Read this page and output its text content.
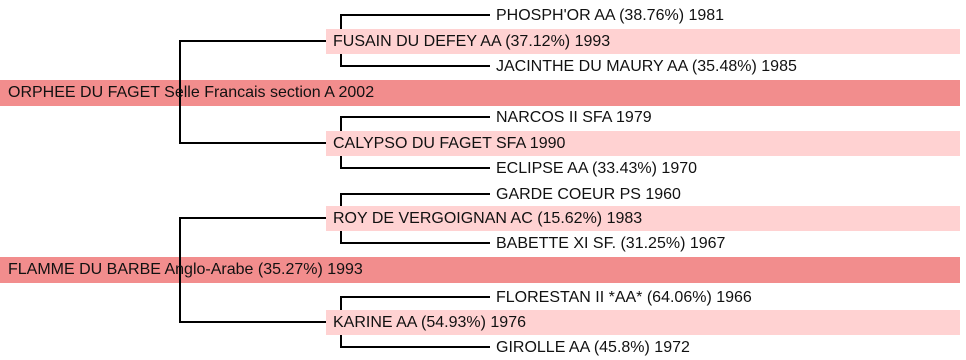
ORPHEE DU FAGET Selle Francais section A 2002
FLAMME DU BARBE Anglo-Arabe (35.27%) 1993
FUSAIN DU DEFEY AA (37.12%) 1993
CALYPSO DU FAGET SFA 1990
ROY DE VERGOIGNAN AC (15.62%) 1983
KARINE AA (54.93%) 1976
PHOSPH'OR AA (38.76%) 1981
JACINTHE DU MAURY AA (35.48%) 1985
NARCOS II SFA 1979
ECLIPSE AA (33.43%) 1970
GARDE COEUR PS 1960
BABETTE XI SF. (31.25%) 1967
FLORESTAN II *AA* (64.06%) 1966
GIROLLE AA (45.8%) 1972
